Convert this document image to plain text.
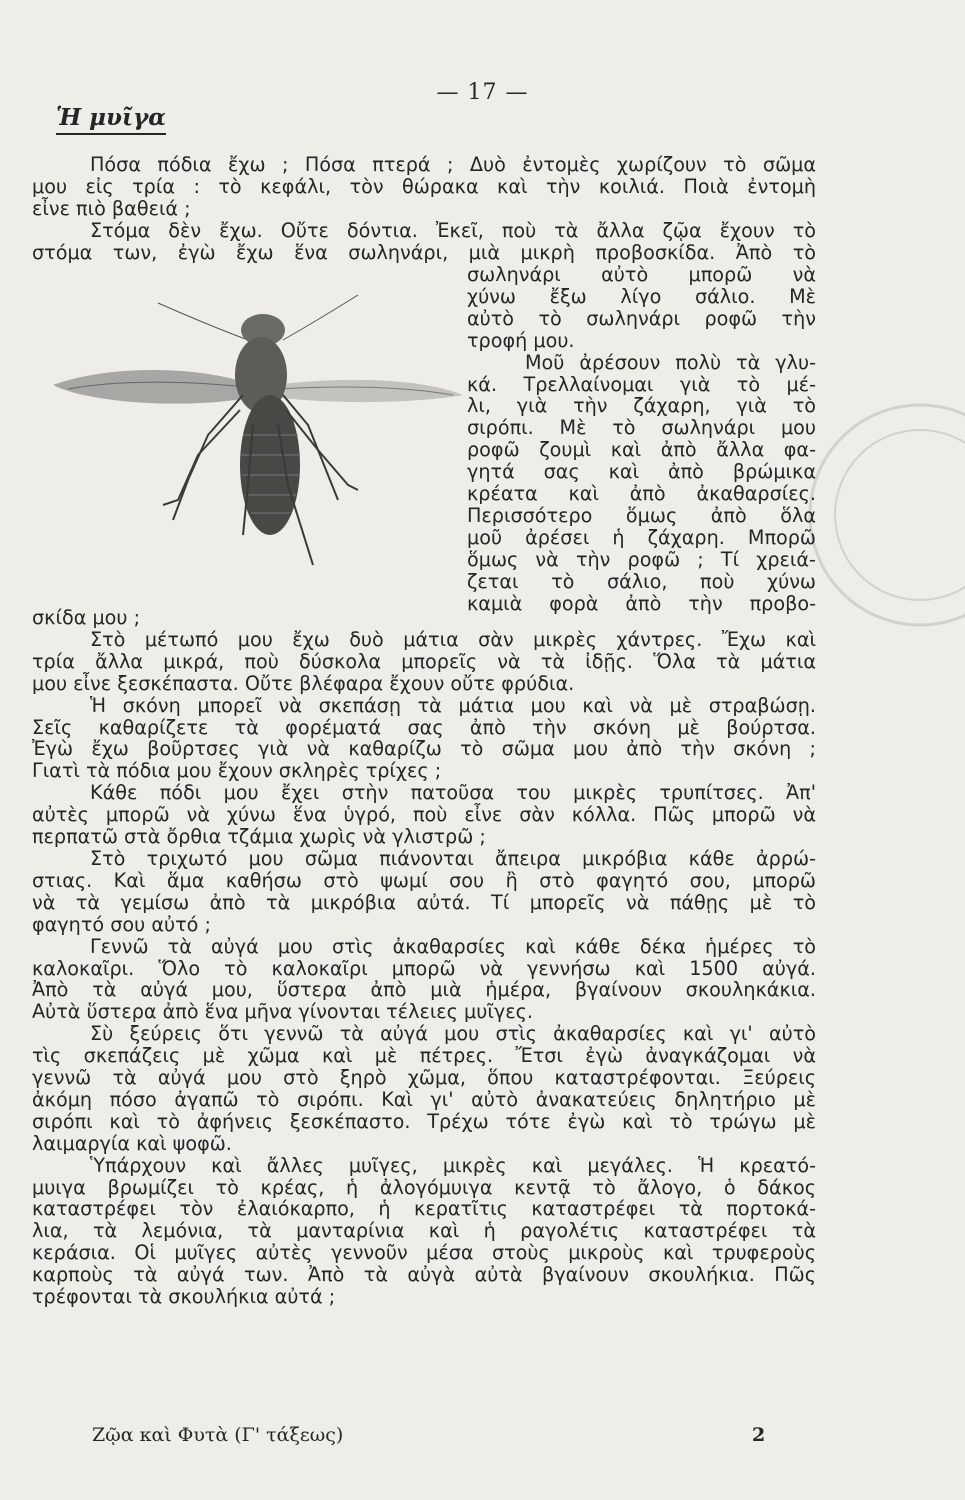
— 17 —
Ἡ μυῖγα
Πόσα πόδια ἔχω ; Πόσα πτερά ; Δυὸ ἐντομὲς χωρίζουν τὸ σῶμα
μου εἰς τρία : τὸ κεφάλι, τὸν θώρακα καὶ τὴν κοιλιά. Ποιὰ ἐντομὴ
εἶνε πιὸ βαθειά ;
Στόμα δὲν ἔχω. Οὔτε δόντια. Ἐκεῖ, ποὺ τὰ ἄλλα ζῷα ἔχουν τὸ
στόμα των, ἐγὼ ἔχω ἕνα σωληνάρι, μιὰ μικρὴ προβοσκίδα. Ἀπὸ τὸ
σωληνάρι αὐτὸ μπορῶ νὰ
χύνω ἔξω λίγο σάλιο. Μὲ
αὐτὸ τὸ σωληνάρι ροφῶ τὴν
τροφή μου.
Μοῦ ἀρέσουν πολὺ τὰ γλυ-
κά. Τρελλαίνομαι γιὰ τὸ μέ-
λι, γιὰ τὴν ζάχαρη, γιὰ τὸ
σιρόπι. Μὲ τὸ σωληνάρι μου
ροφῶ ζουμὶ καὶ ἀπὸ ἄλλα φα-
γητά σας καὶ ἀπὸ βρώμικα
κρέατα καὶ ἀπὸ ἀκαθαρσίες.
Περισσότερο ὅμως ἀπὸ ὅλα
μοῦ ἀρέσει ἡ ζάχαρη. Μπορῶ
ὅμως νὰ τὴν ροφῶ ; Τί χρειά-
ζεται τὸ σάλιο, ποὺ χύνω
καμιὰ φορὰ ἀπὸ τὴν προβο-
σκίδα μου ;
Στὸ μέτωπό μου ἔχω δυὸ μάτια σὰν μικρὲς χάντρες. Ἔχω καὶ
τρία ἄλλα μικρά, ποὺ δύσκολα μπορεῖς νὰ τὰ ἰδῇς. Ὅλα τὰ μάτια
μου εἶνε ξεσκέπαστα. Οὔτε βλέφαρα ἔχουν οὔτε φρύδια.
Ἡ σκόνη μπορεῖ νὰ σκεπάσῃ τὰ μάτια μου καὶ νὰ μὲ στραβώσῃ.
Σεῖς καθαρίζετε τὰ φορέματά σας ἀπὸ τὴν σκόνη μὲ βούρτσα.
Ἐγὼ ἔχω βοῦρτσες γιὰ νὰ καθαρίζω τὸ σῶμα μου ἀπὸ τὴν σκόνη ;
Γιατὶ τὰ πόδια μου ἔχουν σκληρὲς τρίχες ;
Κάθε πόδι μου ἔχει στὴν πατοῦσα του μικρὲς τρυπίτσες. Ἀπ'
αὐτὲς μπορῶ νὰ χύνω ἕνα ὑγρό, ποὺ εἶνε σὰν κόλλα. Πῶς μπορῶ νὰ
περπατῶ στὰ ὄρθια τζάμια χωρὶς νὰ γλιστρῶ ;
Στὸ τριχωτό μου σῶμα πιάνονται ἄπειρα μικρόβια κάθε ἀρρώ-
στιας. Καὶ ἅμα καθήσω στὸ ψωμί σου ἢ στὸ φαγητό σου, μπορῶ
νὰ τὰ γεμίσω ἀπὸ τὰ μικρόβια αὐτά. Τί μπορεῖς νὰ πάθῃς μὲ τὸ
φαγητό σου αὐτό ;
Γεννῶ τὰ αὐγά μου στὶς ἀκαθαρσίες καὶ κάθε δέκα ἡμέρες τὸ
καλοκαῖρι. Ὅλο τὸ καλοκαῖρι μπορῶ νὰ γεννήσω καὶ 1500 αὐγά.
Ἀπὸ τὰ αὐγά μου, ὕστερα ἀπὸ μιὰ ἡμέρα, βγαίνουν σκουληκάκια.
Αὐτὰ ὕστερα ἀπὸ ἕνα μῆνα γίνονται τέλειες μυῖγες.
Σὺ ξεύρεις ὅτι γεννῶ τὰ αὐγά μου στὶς ἀκαθαρσίες καὶ γι' αὐτὸ
τὶς σκεπάζεις μὲ χῶμα καὶ μὲ πέτρες. Ἔτσι ἐγὼ ἀναγκάζομαι νὰ
γεννῶ τὰ αὐγά μου στὸ ξηρὸ χῶμα, ὅπου καταστρέφονται. Ξεύρεις
ἀκόμη πόσο ἀγαπῶ τὸ σιρόπι. Καὶ γι' αὐτὸ ἀνακατεύεις δηλητήριο μὲ
σιρόπι καὶ τὸ ἀφήνεις ξεσκέπαστο. Τρέχω τότε ἐγὼ καὶ τὸ τρώγω μὲ
λαιμαργία καὶ ψοφῶ.
Ὑπάρχουν καὶ ἄλλες μυῖγες, μικρὲς καὶ μεγάλες. Ἡ κρεατό-
μυιγα βρωμίζει τὸ κρέας, ἡ ἀλογόμυιγα κεντᾷ τὸ ἄλογο, ὁ δάκος
καταστρέφει τὸν ἐλαιόκαρπο, ἡ κερατῖτις καταστρέφει τὰ πορτοκά-
λια, τὰ λεμόνια, τὰ μανταρίνια καὶ ἡ ραγολέτις καταστρέφει τὰ
κεράσια. Οἱ μυῖγες αὐτὲς γεννοῦν μέσα στοὺς μικροὺς καὶ τρυφεροὺς
καρποὺς τὰ αὐγά των. Ἀπὸ τὰ αὐγὰ αὐτὰ βγαίνουν σκουλήκια. Πῶς
τρέφονται τὰ σκουλήκια αὐτά ;
Ζῷα καὶ Φυτὰ (Γ' τάξεως)	2
